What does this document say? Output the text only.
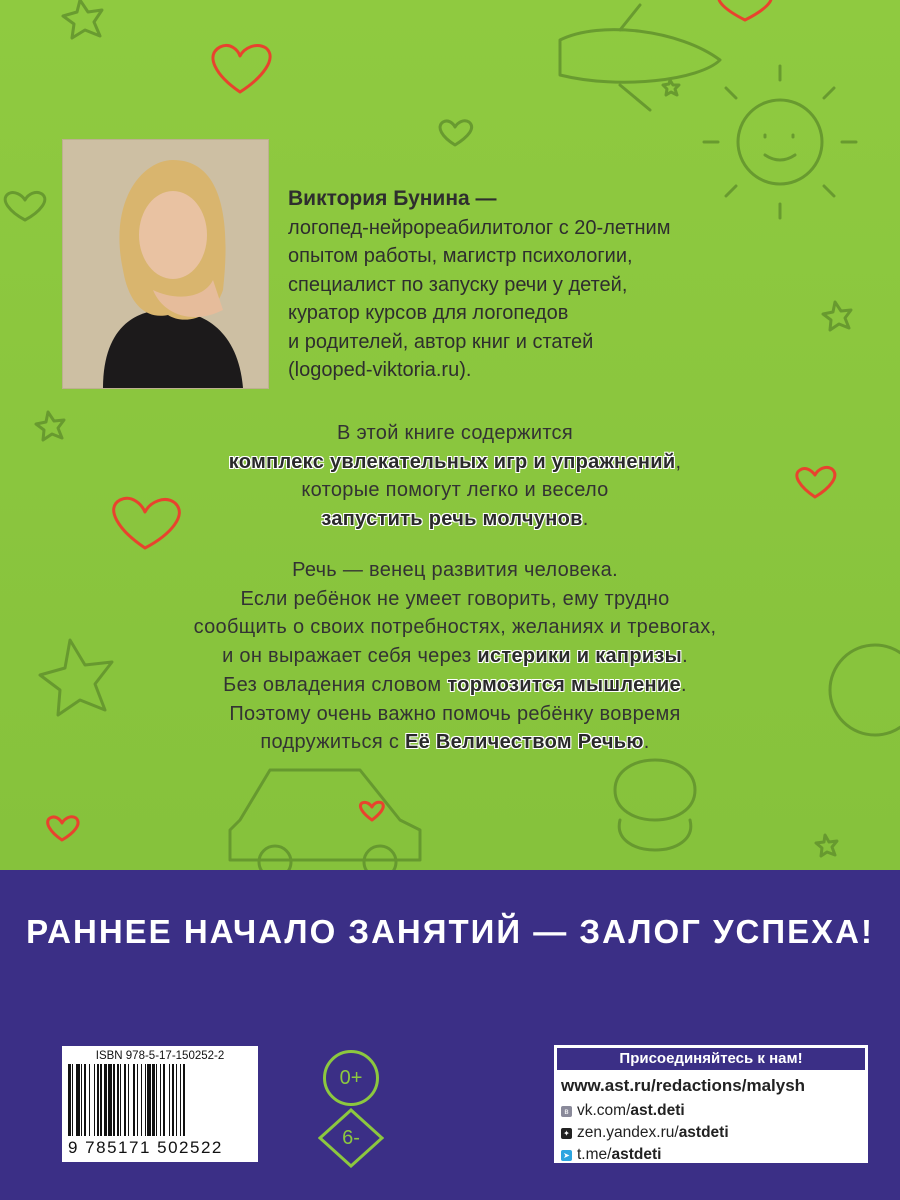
Виктория Бунина —
логопед-нейрореабилитолог с 20-летним
опытом работы, магистр психологии,
специалист по запуску речи у детей,
куратор курсов для логопедов
и родителей, автор книг и статей
(logoped-viktoria.ru).
В этой книге содержится
комплекс увлекательных игр и упражнений,
которые помогут легко и весело
запустить речь молчунов.
Речь — венец развития человека.
Если ребёнок не умеет говорить, ему трудно
сообщить о своих потребностях, желаниях и тревогах,
и он выражает себя через истерики и капризы.
Без овладения словом тормозится мышление.
Поэтому очень важно помочь ребёнку вовремя
подружиться с Её Величеством Речью.
РАННЕЕ НАЧАЛО ЗАНЯТИЙ — ЗАЛОГ УСПЕХА!
ISBN 978-5-17-150252-2
9 785171 502522
0+
6-
Присоединяйтесь к нам!
www.ast.ru/redactions/malysh
в vk.com/ast.deti
✦ zen.yandex.ru/astdeti
➤ t.me/astdeti
